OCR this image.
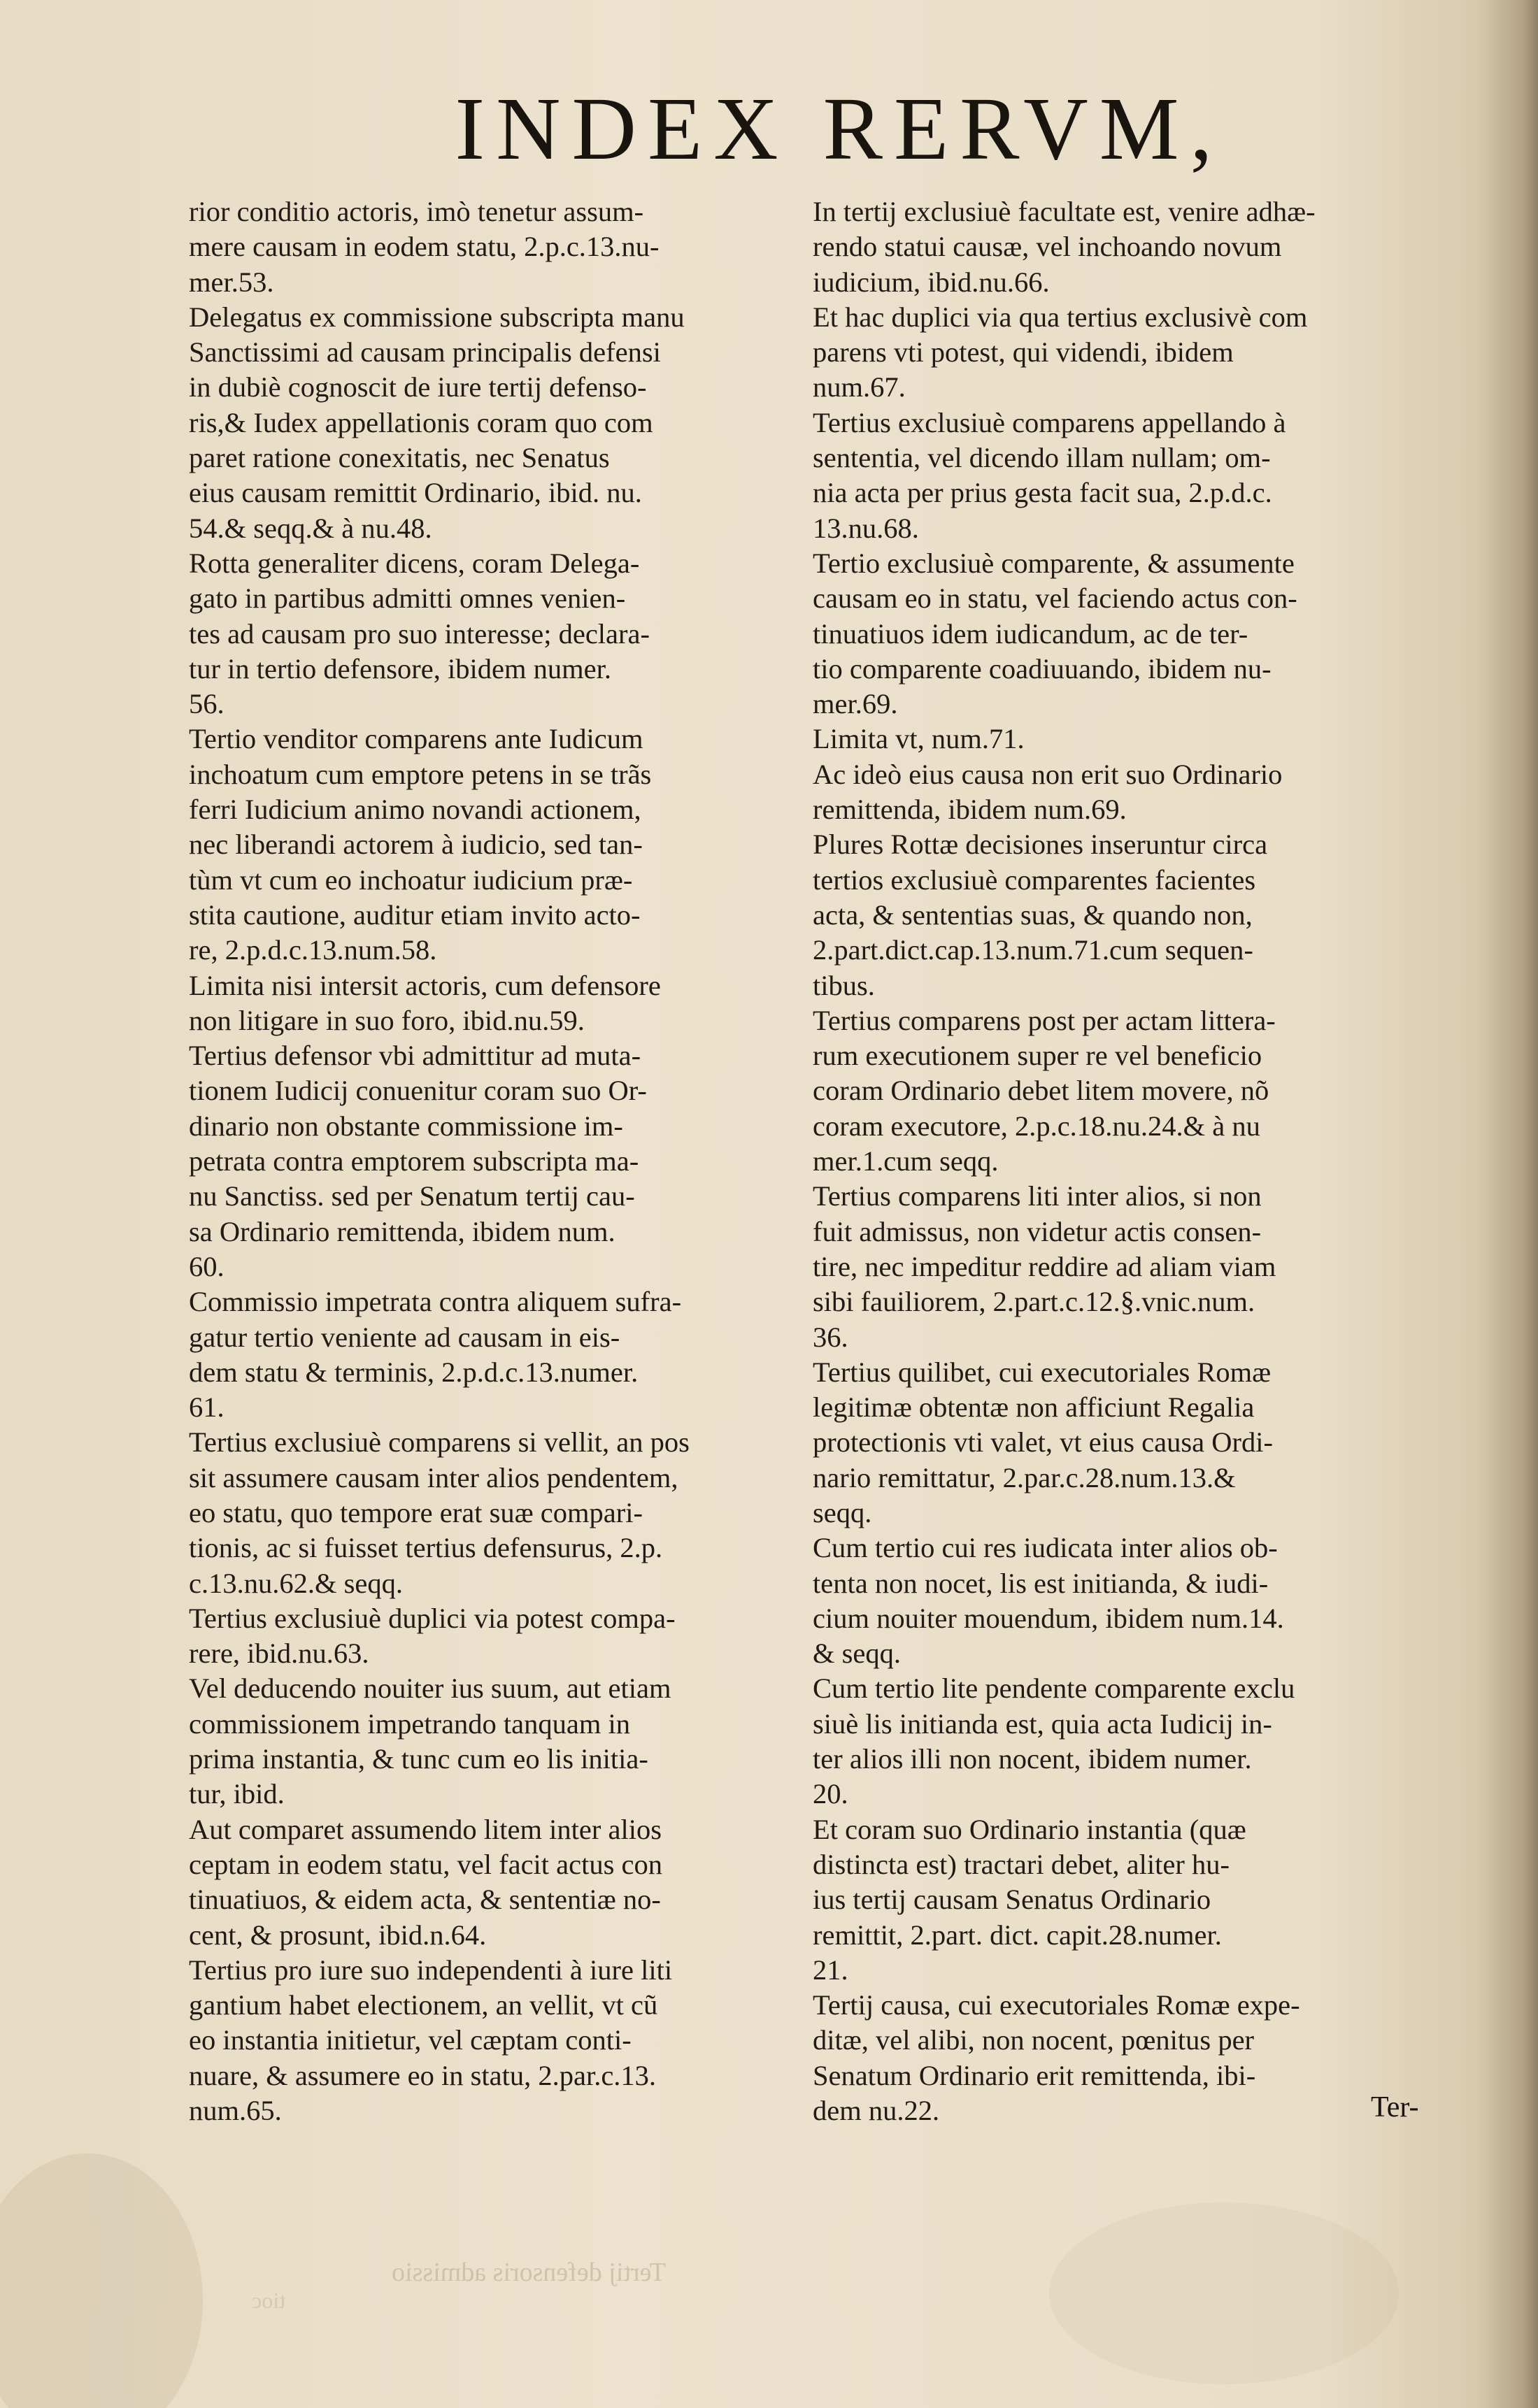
INDEX RERVM,

rior conditio actoris, imò tenetur assum-
mere causam in eodem statu, 2.p.c.13.nu-
mer.53.

Delegatus ex commissione subscripta manu
Sanctissimi ad causam principalis defensi
in dubiè cognoscit de iure tertij defenso-
ris,& Iudex appellationis coram quo com
paret ratione conexitatis, nec Senatus
eius causam remittit Ordinario, ibid. nu.
54.& seqq.& à nu.48.

Rotta generaliter dicens, coram Delega-
gato in partibus admitti omnes venien-
tes ad causam pro suo interesse; declara-
tur in tertio defensore, ibidem numer.
56.

Tertio venditor comparens ante Iudicum
inchoatum cum emptore petens in se trãs
ferri Iudicium animo novandi actionem,
nec liberandi actorem à iudicio, sed tan-
tùm vt cum eo inchoatur iudicium præ-
stita cautione, auditur etiam invito acto-
re, 2.p.d.c.13.num.58.

Limita nisi intersit actoris, cum defensore
non litigare in suo foro, ibid.nu.59.

Tertius defensor vbi admittitur ad muta-
tionem Iudicij conuenitur coram suo Or-
dinario non obstante commissione im-
petrata contra emptorem subscripta ma-
nu Sanctiss. sed per Senatum tertij cau-
sa Ordinario remittenda, ibidem num.
60.

Commissio impetrata contra aliquem sufra-
gatur tertio veniente ad causam in eis-
dem statu & terminis, 2.p.d.c.13.numer.
61.

Tertius exclusiuè comparens si vellit, an pos
sit assumere causam inter alios pendentem,
eo statu, quo tempore erat suæ compari-
tionis, ac si fuisset tertius defensurus, 2.p.
c.13.nu.62.& seqq.

Tertius exclusiuè duplici via potest compa-
rere, ibid.nu.63.

Vel deducendo nouiter ius suum, aut etiam
commissionem impetrando tanquam in
prima instantia, & tunc cum eo lis initia-
tur, ibid.

Aut comparet assumendo litem inter alios
ceptam in eodem statu, vel facit actus con
tinuatiuos, & eidem acta, & sententiæ no-
cent, & prosunt, ibid.n.64.

Tertius pro iure suo independenti à iure liti
gantium habet electionem, an vellit, vt cũ
eo instantia initietur, vel cæptam conti-
nuare, & assumere eo in statu, 2.par.c.13.
num.65.

In tertij exclusiuè facultate est, venire adhæ-
rendo statui causæ, vel inchoando novum
iudicium, ibid.nu.66.

Et hac duplici via qua tertius exclusivè com
parens vti potest, qui videndi, ibidem
num.67.

Tertius exclusiuè comparens appellando à
sententia, vel dicendo illam nullam; om-
nia acta per prius gesta facit sua, 2.p.d.c.
13.nu.68.

Tertio exclusiuè comparente, & assumente
causam eo in statu, vel faciendo actus con-
tinuatiuos idem iudicandum, ac de ter-
tio comparente coadiuuando, ibidem nu-
mer.69.

Limita vt, num.71.

Ac ideò eius causa non erit suo Ordinario
remittenda, ibidem num.69.

Plures Rottæ decisiones inseruntur circa
tertios exclusiuè comparentes facientes
acta, & sententias suas, & quando non,
2.part.dict.cap.13.num.71.cum sequen-
tibus.

Tertius comparens post per actam littera-
rum executionem super re vel beneficio
coram Ordinario debet litem movere, nõ
coram executore, 2.p.c.18.nu.24.& à nu
mer.1.cum seqq.

Tertius comparens liti inter alios, si non
fuit admissus, non videtur actis consen-
tire, nec impeditur reddire ad aliam viam
sibi fauiliorem, 2.part.c.12.§.vnic.num.
36.

Tertius quilibet, cui executoriales Romæ
legitimæ obtentæ non afficiunt Regalia
protectionis vti valet, vt eius causa Ordi-
nario remittatur, 2.par.c.28.num.13.&
seqq.

Cum tertio cui res iudicata inter alios ob-
tenta non nocet, lis est initianda, & iudi-
cium nouiter mouendum, ibidem num.14.
& seqq.

Cum tertio lite pendente comparente exclu
siuè lis initianda est, quia acta Iudicij in-
ter alios illi non nocent, ibidem numer.
20.

Et coram suo Ordinario instantia (quæ
distincta est) tractari debet, aliter hu-
ius tertij causam Senatus Ordinario
remittit, 2.part. dict. capit.28.numer.
21.

Tertij causa, cui executoriales Romæ expe-
ditæ, vel alibi, non nocent, pœnitus per
Senatum Ordinario erit remittenda, ibi-
dem nu.22.	Ter-
Tertij defensoris admissio
tioc
